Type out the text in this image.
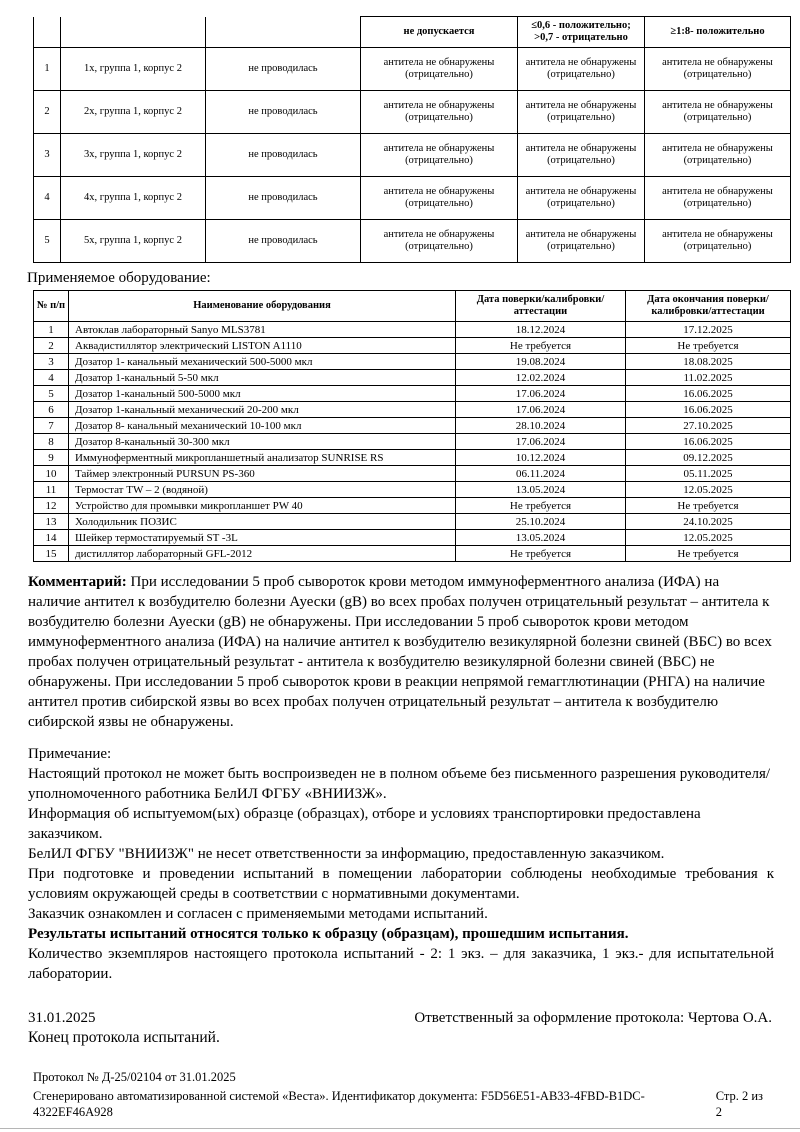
			не допускается	≤0,6 - положительно; >0,7 - отрицательно	≥1:8- положительно
1	1х, группа 1, корпус 2	не проводилась	антитела не обнаружены (отрицательно)	антитела не обнаружены (отрицательно)	антитела не обнаружены (отрицательно)
2	2х, группа 1, корпус 2	не проводилась	антитела не обнаружены (отрицательно)	антитела не обнаружены (отрицательно)	антитела не обнаружены (отрицательно)
3	3х, группа 1, корпус 2	не проводилась	антитела не обнаружены (отрицательно)	антитела не обнаружены (отрицательно)	антитела не обнаружены (отрицательно)
4	4х, группа 1, корпус 2	не проводилась	антитела не обнаружены (отрицательно)	антитела не обнаружены (отрицательно)	антитела не обнаружены (отрицательно)
5	5х, группа 1, корпус 2	не проводилась	антитела не обнаружены (отрицательно)	антитела не обнаружены (отрицательно)	антитела не обнаружены (отрицательно)
Применяемое оборудование:
№ п/п	Наименование оборудования	Дата поверки/калибровки/аттестации	Дата окончания поверки/калибровки/аттестации
1	Автоклав лабораторный Sanyo MLS3781	18.12.2024	17.12.2025
2	Аквадистиллятор электрический LISTON A1110	Не требуется	Не требуется
3	Дозатор 1- канальный механический 500-5000 мкл	19.08.2024	18.08.2025
4	Дозатор 1-канальный 5-50 мкл	12.02.2024	11.02.2025
5	Дозатор 1-канальный 500-5000 мкл	17.06.2024	16.06.2025
6	Дозатор 1-канальный механический 20-200 мкл	17.06.2024	16.06.2025
7	Дозатор 8- канальный механический 10-100 мкл	28.10.2024	27.10.2025
8	Дозатор 8-канальный 30-300 мкл	17.06.2024	16.06.2025
9	Иммуноферментный микропланшетный анализатор SUNRISE RS	10.12.2024	09.12.2025
10	Таймер электронный PURSUN PS-360	06.11.2024	05.11.2025
11	Термостат TW – 2 (водяной)	13.05.2024	12.05.2025
12	Устройство для промывки микропланшет PW 40	Не требуется	Не требуется
13	Холодильник ПОЗИС	25.10.2024	24.10.2025
14	Шейкер термостатируемый ST -3L	13.05.2024	12.05.2025
15	дистиллятор лабораторный GFL-2012	Не требуется	Не требуется

Комментарий: При исследовании 5 проб сывороток крови методом иммуноферментного анализа (ИФА) на наличие антител к возбудителю болезни Ауески (gB) во всех пробах получен отрицательный результат – антитела к возбудителю болезни Ауески (gB) не обнаружены. При исследовании 5 проб сывороток крови методом иммуноферментного анализа (ИФА) на наличие антител к возбудителю везикулярной болезни свиней (ВБС) во всех пробах получен отрицательный результат - антитела к возбудителю везикулярной болезни свиней (ВБС) не обнаружены. При исследовании 5 проб сывороток крови в реакции непрямой гемагглютинации (РНГА) на наличие антител против сибирской язвы во всех пробах получен отрицательный результат – антитела к возбудителю сибирской язвы не обнаружены.

Примечание:
Настоящий протокол не может быть воспроизведен не в полном объеме без письменного разрешения руководителя/уполномоченного работника БелИЛ ФГБУ «ВНИИЗЖ».
Информация об испытуемом(ых) образце (образцах), отборе и условиях транспортировки предоставлена заказчиком.
БелИЛ ФГБУ "ВНИИЗЖ" не несет ответственности за информацию, предоставленную заказчиком.
При подготовке и проведении испытаний в помещении лаборатории соблюдены необходимые требования к условиям окружающей среды в соответствии с нормативными документами.
Заказчик ознакомлен и согласен с применяемыми методами испытаний.
Результаты испытаний относятся только к образцу (образцам), прошедшим испытания.
Количество экземпляров настоящего протокола испытаний - 2: 1 экз. – для заказчика, 1 экз.- для испытательной лаборатории.
31.01.2025	Ответственный за оформление протокола: Чертова О.А.
Конец протокола испытаний.
Протокол № Д-25/02104 от 31.01.2025
Сгенерировано автоматизированной системой «Веста». Идентификатор документа: F5D56E51-AB33-4FBD-B1DC-4322EF46A928
Стр. 2 из 2
